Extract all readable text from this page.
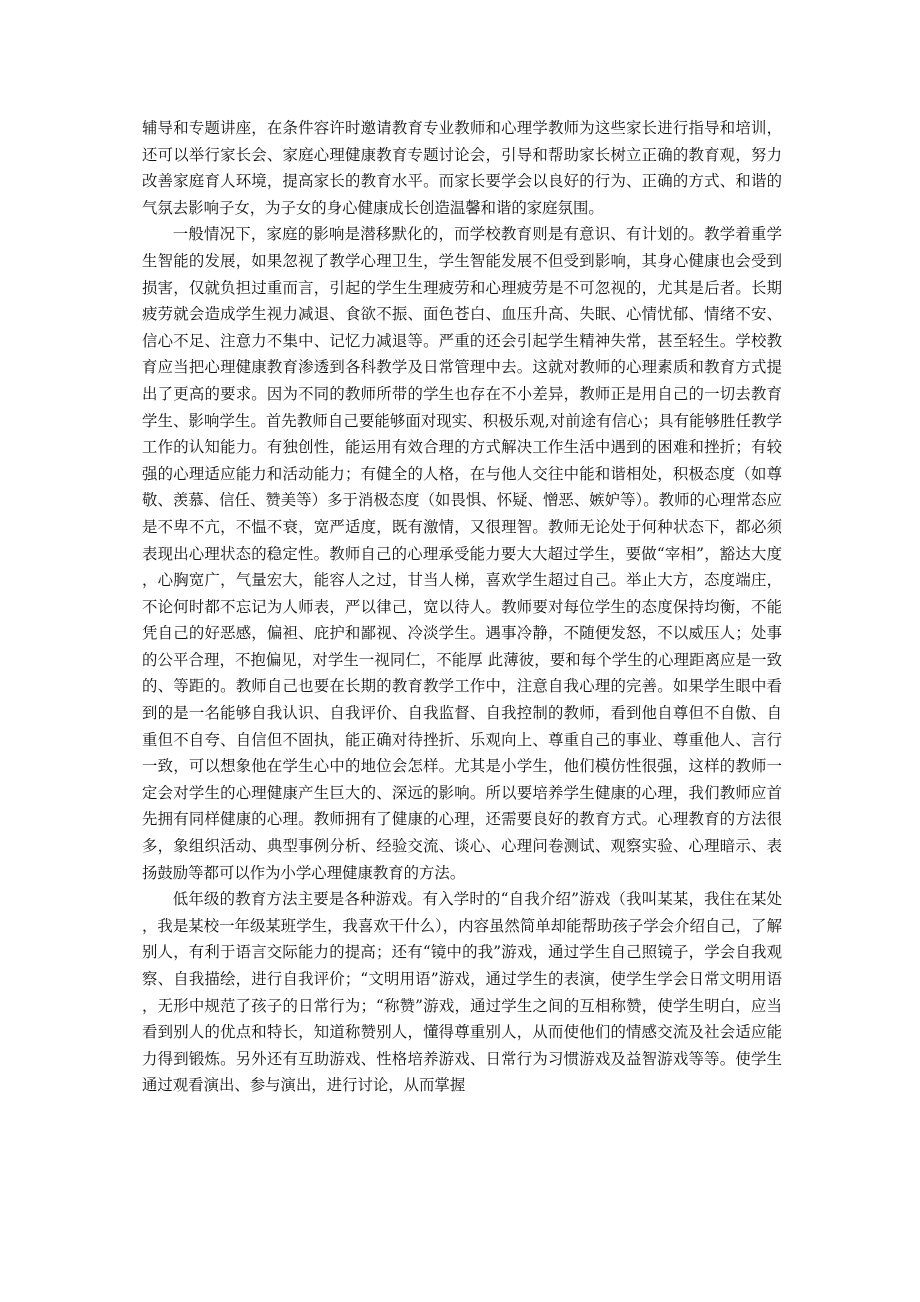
辅导和专题讲座，在条件容许时邀请教育专业教师和心理学教师为这些家长进行指导和培训，还可以举行家长会、家庭心理健康教育专题讨论会，引导和帮助家长树立正确的教育观，努力改善家庭育人环境，提高家长的教育水平。而家长要学会以良好的行为、正确的方式、和谐的气氛去影响子女，为子女的身心健康成长创造温馨和谐的家庭氛围。

一般情况下，家庭的影响是潜移默化的，而学校教育则是有意识、有计划的。教学着重学生智能的发展，如果忽视了教学心理卫生，学生智能发展不但受到影响，其身心健康也会受到损害，仅就负担过重而言，引起的学生生理疲劳和心理疲劳是不可忽视的，尤其是后者。长期疲劳就会造成学生视力减退、食欲不振、面色苍白、血压升高、失眠、心情忧郁、情绪不安、信心不足、注意力不集中、记忆力减退等。严重的还会引起学生精神失常，甚至轻生。学校教育应当把心理健康教育渗透到各科教学及日常管理中去。这就对教师的心理素质和教育方式提出了更高的要求。因为不同的教师所带的学生也存在不小差异，教师正是用自己的一切去教育学生、影响学生。首先教师自己要能够面对现实、积极乐观,对前途有信心；具有能够胜任教学工作的认知能力。有独创性，能运用有效合理的方式解决工作生活中遇到的困难和挫折；有较强的心理适应能力和活动能力；有健全的人格，在与他人交往中能和谐相处，积极态度（如尊敬、羡慕、信任、赞美等）多于消极态度（如畏惧、怀疑、憎恶、嫉妒等）。教师的心理常态应是不卑不亢，不愠不衰，宽严适度，既有激情，又很理智。教师无论处于何种状态下，都必须表现出心理状态的稳定性。教师自己的心理承受能力要大大超过学生，要做“宰相”，豁达大度，心胸宽广，气量宏大，能容人之过，甘当人梯，喜欢学生超过自己。举止大方，态度端庄，不论何时都不忘记为人师表，严以律己，宽以待人。教师要对每位学生的态度保持均衡，不能凭自己的好恶感，偏袒、庇护和鄙视、冷淡学生。遇事冷静，不随便发怒，不以威压人；处事的公平合理，不抱偏见，对学生一视同仁，不能厚 此薄彼，要和每个学生的心理距离应是一致的、等距的。教师自己也要在长期的教育教学工作中，注意自我心理的完善。如果学生眼中看到的是一名能够自我认识、自我评价、自我监督、自我控制的教师，看到他自尊但不自傲、自重但不自夸、自信但不固执，能正确对待挫折、乐观向上、尊重自己的事业、尊重他人、言行一致，可以想象他在学生心中的地位会怎样。尤其是小学生，他们模仿性很强，这样的教师一定会对学生的心理健康产生巨大的、深远的影响。所以要培养学生健康的心理，我们教师应首先拥有同样健康的心理。教师拥有了健康的心理，还需要良好的教育方式。心理教育的方法很多，象组织活动、典型事例分析、经验交流、谈心、心理问卷测试、观察实验、心理暗示、表扬鼓励等都可以作为小学心理健康教育的方法。

低年级的教育方法主要是各种游戏。有入学时的“自我介绍”游戏（我叫某某，我住在某处，我是某校一年级某班学生，我喜欢干什么），内容虽然简单却能帮助孩子学会介绍自己，了解别人，有利于语言交际能力的提高；还有“镜中的我”游戏，通过学生自己照镜子，学会自我观察、自我描绘，进行自我评价；“文明用语”游戏，通过学生的表演，使学生学会日常文明用语，无形中规范了孩子的日常行为；“称赞”游戏，通过学生之间的互相称赞，使学生明白，应当看到别人的优点和特长，知道称赞别人，懂得尊重别人，从而使他们的情感交流及社会适应能力得到锻炼。另外还有互助游戏、性格培养游戏、日常行为习惯游戏及益智游戏等等。使学生通过观看演出、参与演出，进行讨论，从而掌握
